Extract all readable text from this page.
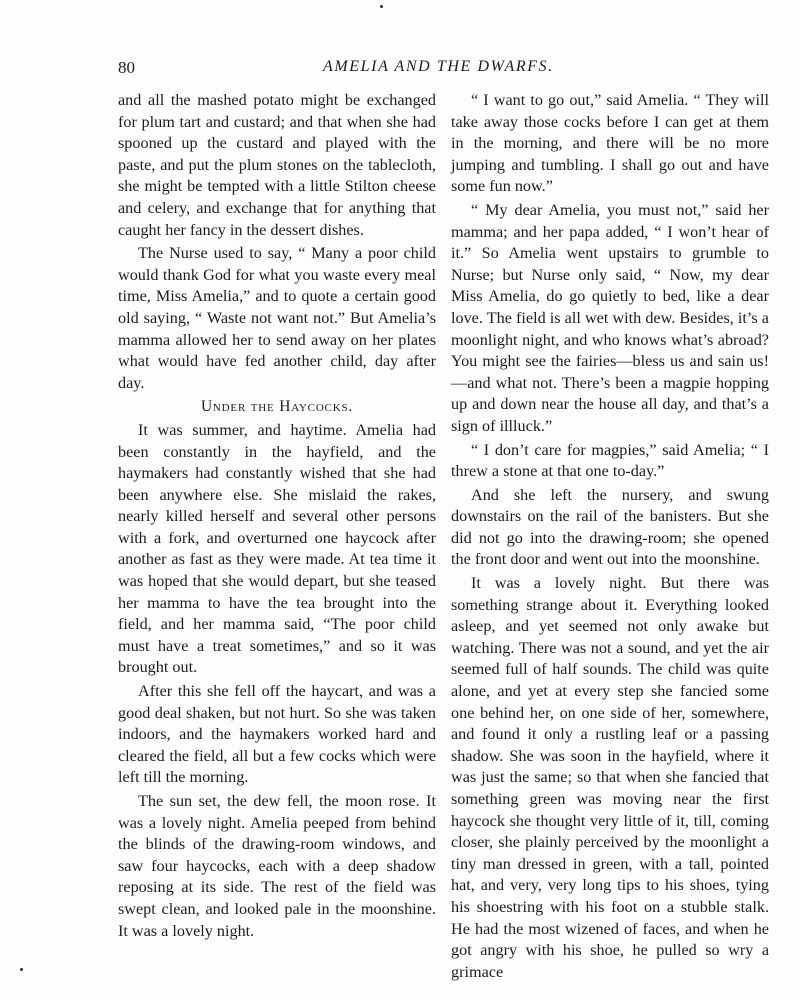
80	AMELIA AND THE DWARFS.

and all the mashed potato might be exchanged for plum tart and custard; and that when she had spooned up the custard and played with the paste, and put the plum stones on the tablecloth, she might be tempted with a little Stilton cheese and celery, and exchange that for anything that caught her fancy in the dessert dishes.

The Nurse used to say, “ Many a poor child would thank God for what you waste every meal time, Miss Amelia,” and to quote a certain good old saying, “ Waste not want not.” But Amelia’s mamma allowed her to send away on her plates what would have fed another child, day after day.

Under the Haycocks.

It was summer, and haytime. Amelia had been constantly in the hayfield, and the haymakers had constantly wished that she had been anywhere else. She mislaid the rakes, nearly killed herself and several other persons with a fork, and overturned one haycock after another as fast as they were made. At tea time it was hoped that she would depart, but she teased her mamma to have the tea brought into the field, and her mamma said, “The poor child must have a treat sometimes,” and so it was brought out.

After this she fell off the haycart, and was a good deal shaken, but not hurt. So she was taken indoors, and the haymakers worked hard and cleared the field, all but a few cocks which were left till the morning.

The sun set, the dew fell, the moon rose. It was a lovely night. Amelia peeped from behind the blinds of the drawing-room windows, and saw four haycocks, each with a deep shadow reposing at its side. The rest of the field was swept clean, and looked pale in the moonshine. It was a lovely night.

“ I want to go out,” said Amelia. “ They will take away those cocks before I can get at them in the morning, and there will be no more jumping and tumbling. I shall go out and have some fun now.”

“ My dear Amelia, you must not,” said her mamma; and her papa added, “ I won’t hear of it.” So Amelia went upstairs to grumble to Nurse; but Nurse only said, “ Now, my dear Miss Amelia, do go quietly to bed, like a dear love. The field is all wet with dew. Besides, it’s a moonlight night, and who knows what’s abroad? You might see the fairies—bless us and sain us!—and what not. There’s been a magpie hopping up and down near the house all day, and that’s a sign of illluck.”

“ I don’t care for magpies,” said Amelia; “ I threw a stone at that one to-day.”

And she left the nursery, and swung downstairs on the rail of the banisters. But she did not go into the drawing-room; she opened the front door and went out into the moonshine.

It was a lovely night. But there was something strange about it. Everything looked asleep, and yet seemed not only awake but watching. There was not a sound, and yet the air seemed full of half sounds. The child was quite alone, and yet at every step she fancied some one behind her, on one side of her, somewhere, and found it only a rustling leaf or a passing shadow. She was soon in the hayfield, where it was just the same; so that when she fancied that something green was moving near the first haycock she thought very little of it, till, coming closer, she plainly perceived by the moonlight a tiny man dressed in green, with a tall, pointed hat, and very, very long tips to his shoes, tying his shoestring with his foot on a stubble stalk. He had the most wizened of faces, and when he got angry with his shoe, he pulled so wry a grimace
